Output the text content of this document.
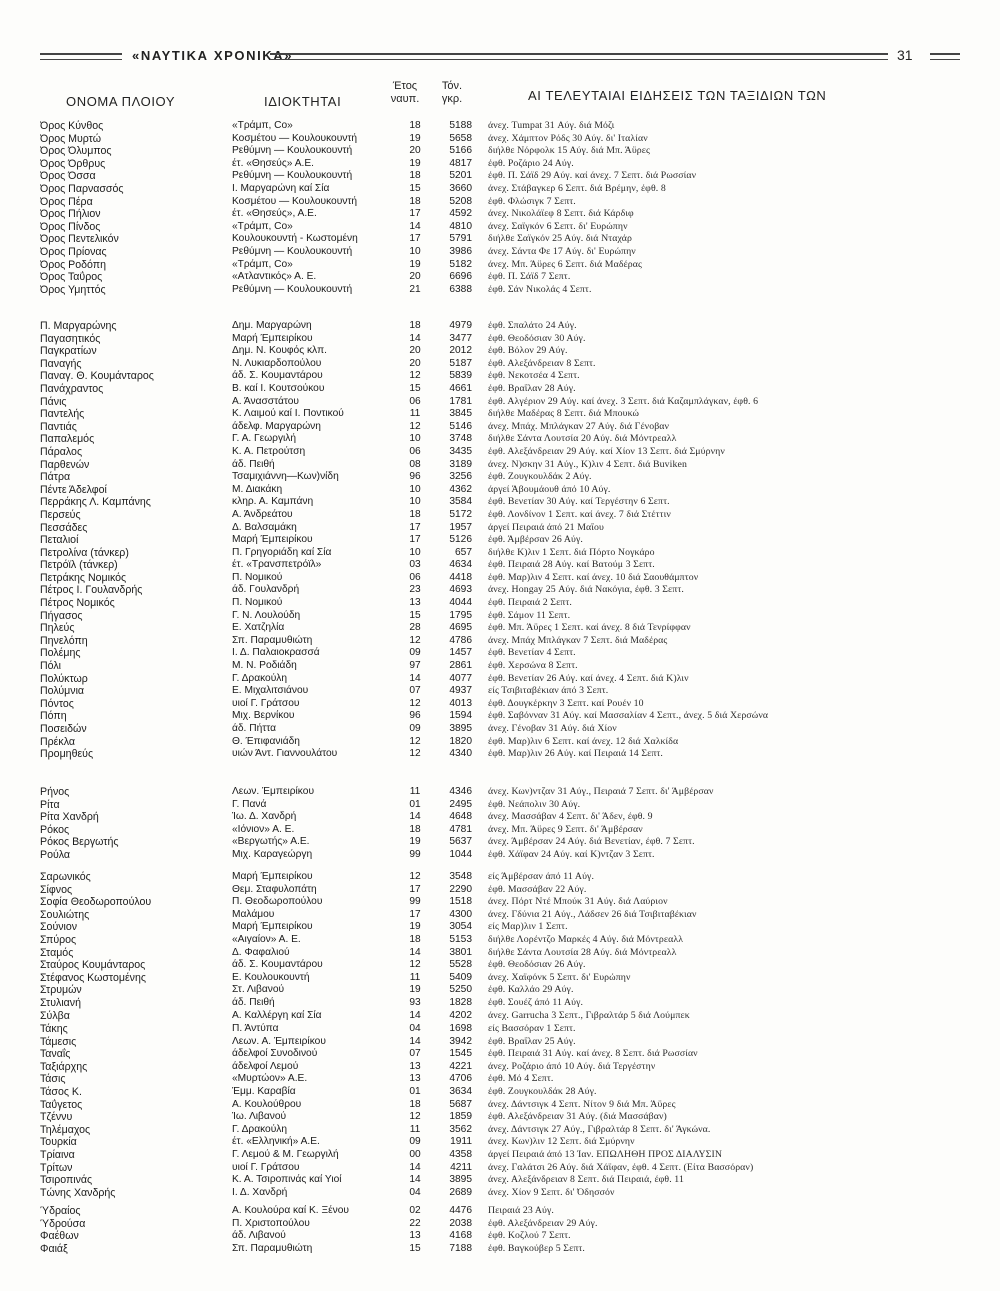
«ΝΑΥΤΙΚΑ ΧΡΟΝΙΚΑ»	31
ΟΝΟΜΑ ΠΛΟΙΟΥ	ΙΔΙΟΚΤΗΤΑΙ
Έτος
ναυπ.
Τόν.
γκρ.	ΑΙ ΤΕΛΕΥΤΑΙΑΙ ΕΙΔΗΣΕΙΣ ΤΩΝ ΤΑΞΙΔΙΩΝ ΤΩΝ
Όρος Κύνθος	«Τράμπ, Co»	18	5188 άνεχ. Tumpat 31 Αύγ. διά Μόζι
Όρος Μυρτώ	Κοσμέτου — Κουλουκουντή	19	5658 άνεχ. Χάμπτον Ρόδς 30 Αύγ. δι' Ιταλίαν
Όρος Όλυμπος	Ρεθύμνη — Κουλουκουντή	20	5166 διήλθε Νόρφολκ 15 Αύγ. διά Μπ. Άϋρες
Όρος Όρθρυς	έτ. «Θησεύς» Α.Ε.	19	4817 έφθ. Ροζάριο 24 Αύγ.
Όρος Όσσα	Ρεθύμνη — Κουλουκουντή	18	5201 έφθ. Π. Σάϊδ 29 Αύγ. καί άνεχ. 7 Σεπτ. διά Ρωσσίαν
Όρος Παρνασσός	Ι. Μαργαρώνη καί Σία	15	3660 άνεχ. Στάβαγκερ 6 Σεπτ. διά Βρέμην, έφθ. 8
Όρος Πέρα	Κοσμέτου — Κουλουκουντή	18	5208 έφθ. Φλώσιγκ 7 Σεπτ.
Όρος Πήλιον	έτ. «Θησεύς», Α.Ε.	17	4592 άνεχ. Νικολάϊεφ 8 Σεπτ. διά Κάρδιφ
Όρος Πίνδος	«Τράμπ, Co»	14	4810 άνεχ. Σαϊγκόν 6 Σεπτ. δι' Ευρώπην
Όρος Πεντελικόν	Κουλουκουντή - Κωστομένη	17	5791 διήλθε Σαϊγκόν 25 Αύγ. διά Νταχάρ
Όρος Πρίονας	Ρεθύμνη — Κουλουκουντή	10	3986 άνεχ. Σάντα Φε 17 Αύγ. δι' Ευρώπην
Όρος Ροδόπη	«Τράμπ, Co»	19	5182 άνεχ. Μπ. Άϋρες 6 Σεπτ. διά Μαδέρας
Όρος Ταΰρος	«Ατλαντικός» Α. Ε.	20	6696 έφθ. Π. Σάϊδ 7 Σεπτ.
Όρος Υμηττός	Ρεθύμνη — Κουλουκουντή	21	6388 έφθ. Σάν Νικολάς 4 Σεπτ.
Π. Μαργαρώνης	Δημ. Μαργαρώνη	18	4979 έφθ. Σπαλάτο 24 Αύγ.
Παγασητικός	Μαρή Έμπειρίκου	14	3477 έφθ. Θεοδόσιαν 30 Αύγ.
Παγκρατίων	Δημ. Ν. Κουφός κλπ.	20	2012 έφθ. Βόλον 29 Αύγ.
Παναγής	Ν. Λυκιαρδοπούλου	20	5187 έφθ. Αλεξάνδρειαν 8 Σεπτ.
Παναγ. Θ. Κουμάνταρος	άδ. Σ. Κουμαντάρου	12	5839 έφθ. Νεκοτσέα 4 Σεπτ.
Πανάχραντος	Β. καί Ι. Κουτσούκου	15	4661 έφθ. Βραΐλαν 28 Αύγ.
Πάνις	Α. Άνασστάτου	06	1781 έφθ. Αλγέριον 29 Αύγ. καί άνεχ. 3 Σεπτ. διά Καζαμπλάγκαν, έφθ. 6
Παντελής	Κ. Λαιμού καί Ι. Ποντικού	11	3845 διήλθε Μαδέρας 8 Σεπτ. διά Μπουκώ
Παντιάς	άδελφ. Μαργαρώνη	12	5146 άνεχ. Μπάχ. Μπλάγκαν 27 Αύγ. διά Γένοβαν
Παπαλεμός	Γ. Α. Γεωργιλή	10	3748 διήλθε Σάντα Λουτσία 20 Αύγ. διά Μόντρεαλλ
Πάραλος	Κ. Α. Πετρούτση	06	3435 έφθ. Αλεξάνδρειαν 29 Αύγ. καί Χίον 13 Σεπτ. διά Σμύρνην
Παρθενών	άδ. Πειθή	08	3189 άνεχ. Ν)σκην 31 Αύγ., Κ)λιν 4 Σεπτ. διά Buviken
Πάτρα	Τσαμιχιάννη—Κων)νίδη	96	3256 έφθ. Ζουγκουλδάκ 2 Αύγ.
Πέντε Άδελφοί	Μ. Διακάκη	10	4362 άργεί Άβουμάουθ άπό 10 Αύγ.
Περράκης Λ. Καμπάνης	κληρ. Α. Καμπάνη	10	3584 έφθ. Βενετίαν 30 Αύγ. καί Τεργέστην 6 Σεπτ.
Περσεύς	Α. Άνδρεάτου	18	5172 έφθ. Λονδίνον 1 Σεπτ. καί άνεχ. 7 διά Στέττιν
Πεσσάδες	Δ. Βαλσαμάκη	17	1957 άργεί Πειραιά άπό 21 Μαΐου
Πεταλιοί	Μαρή Έμπειρίκου	17	5126 έφθ. Άμβέρσαν 26 Αύγ.
Πετρολίνα (τάνκερ)	Π. Γρηγοριάδη καί Σία	10	657 διήλθε Κ)λιν 1 Σεπτ. διά Πόρτο Νογκάρο
Πετρόϊλ (τάνκερ)	έτ. «Τρανσπετρόϊλ»	03	4634 έφθ. Πειραιά 28 Αύγ. καί Βατούμ 3 Σεπτ.
Πετράκης Νομικός	Π. Νομικού	06	4418 έφθ. Μαρ)λιν 4 Σεπτ. καί άνεχ. 10 διά Σαουθάμπτον
Πέτρος Ι. Γουλανδρής	άδ. Γουλανδρή	23	4693 άνεχ. Hongay 25 Αύγ. διά Νακόγια, έφθ. 3 Σεπτ.
Πέτρος Νομικός	Π. Νομικού	13	4044 έφθ. Πειραιά 2 Σεπτ.
Πήγασος	Γ. Ν. Λουλούδη	15	1795 έφθ. Σάμον 11 Σεπτ.
Πηλεύς	Ε. Χατζηλία	28	4695 έφθ. Μπ. Άϋρες 1 Σεπτ. καί άνεχ. 8 διά Τενρίφφαν
Πηνελόπη	Σπ. Παραμυθιώτη	12	4786 άνεχ. Μπάχ Μπλάγκαν 7 Σεπτ. διά Μαδέρας
Πολέμης	Ι. Δ. Παλαιοκρασσά	09	1457 έφθ. Βενετίαν 4 Σεπτ.
Πόλι	Μ. Ν. Ροδιάδη	97	2861 έφθ. Χερσώνα 8 Σεπτ.
Πολύκτωρ	Γ. Δρακούλη	14	4077 έφθ. Βενετίαν 26 Αύγ. καί άνεχ. 4 Σεπτ. διά Κ)λιν
Πολύμνια	Ε. Μιχαλιτσιάνου	07	4937 είς Τσιβιταβέκιαν άπό 3 Σεπτ.
Πόντος	υιοί Γ. Γράτσου	12	4013 έφθ. Δουγκέρκην 3 Σεπτ. καί Ρουέν 10
Πόπη	Μιχ. Βερνίκου	96	1594 έφθ. Σαβόνναν 31 Αύγ. καί Μασσαλίαν 4 Σεπτ., άνεχ. 5 διά Χερσώνα
Ποσειδών	άδ. Πήττα	09	3895 άνεχ. Γένοβαν 31 Αύγ. διά Χίον
Πρέκλα	Θ. Έπιφανιάδη	12	1820 έφθ. Μαρ)λιν 6 Σεπτ. καί άνεχ. 12 διά Χαλκίδα
Προμηθεύς	υιών Άντ. Γιαννουλάτου	12	4340 έφθ. Μαρ)λιν 26 Αύγ. καί Πειραιά 14 Σεπτ.
Ρήνος	Λεων. Έμπειρίκου	11	4346 άνεχ. Κων)ντζαν 31 Αύγ., Πειραιά 7 Σεπτ. δι' Άμβέρσαν
Ρίτα	Γ. Πανά	01	2495 έφθ. Νεάπολιν 30 Αύγ.
Ρίτα Χανδρή	Ίω. Δ. Χανδρή	14	4648 άνεχ. Μασσάβαν 4 Σεπτ. δι' Άδεν, έφθ. 9
Ρόκος	«Ιόνιον» Α. Ε.	18	4781 άνεχ. Μπ. Άϋρες 9 Σεπτ. δι' Άμβέρσαν
Ρόκος Βεργωτής	«Βεργωτής» Α.Ε.	19	5637 άνεχ. Άμβέρσαν 24 Αύγ. διά Βενετίαν, έφθ. 7 Σεπτ.
Ρούλα	Μιχ. Καραγεώργη	99	1044 έφθ. Χάϊφαν 24 Αύγ. καί Κ)ντζαν 3 Σεπτ.
Σαρωνικός	Μαρή Έμπειρίκου	12	3548 είς Άμβέρσαν άπό 11 Αύγ.
Σίφνος	Θεμ. Σταφυλοπάτη	17	2290 έφθ. Μασσάβαν 22 Αύγ.
Σοφία Θεοδωροπούλου	Π. Θεοδωροπούλου	99	1518 άνεχ. Πόρτ Ντέ Μπούκ 31 Αύγ. διά Λαύριον
Σουλιώτης	Μαλάμου	17	4300 άνεχ. Γδύνια 21 Αύγ., Λάδσεν 26 διά Τσιβιταβέκιαν
Σούνιον	Μαρή Έμπειρίκου	19	3054 είς Μαρ)λιν 1 Σεπτ.
Σπύρος	«Αιγαίον» Α. Ε.	18	5153 διήλθε Λορέντζο Μαρκές 4 Αύγ. διά Μόντρεαλλ
Σταμός	Δ. Φαφαλιού	14	3801 διήλθε Σάντα Λουτσία 28 Αύγ. διά Μόντρεαλλ
Σταύρος Κουμάνταρος	άδ. Σ. Κουμαντάρου	12	5528 έφθ. Θεοδόσιαν 26 Αύγ.
Στέφανος Κωστομένης	Ε. Κουλουκουντή	11	5409 άνεχ. Χαϊφόνκ 5 Σεπτ. δι' Ευρώπην
Στρυμών	Στ. Λιβανού	19	5250 έφθ. Καλλάο 29 Αύγ.
Στυλιανή	άδ. Πειθή	93	1828 έφθ. Σουέζ άπό 11 Αύγ.
Σύλβα	Α. Καλλέργη καί Σία	14	4202 άνεχ. Garrucha 3 Σεπτ., Γιβραλτάρ 5 διά Λούμπεκ
Τάκης	Π. Άντύπα	04	1698 είς Βασσόραν 1 Σεπτ.
Τάμεσις	Λεων. Α. Έμπειρίκου	14	3942 έφθ. Βραΐλαν 25 Αύγ.
Ταναΐς	άδελφοί Συνοδινού	07	1545 έφθ. Πειραιά 31 Αύγ. καί άνεχ. 8 Σεπτ. διά Ρωσσίαν
Ταξιάρχης	άδελφοί Λεμού	13	4221 άνεχ. Ροζάριο άπό 10 Αύγ. διά Τεργέστην
Τάσις	«Μυρτώον» Α.Ε.	13	4706 έφθ. Μό 4 Σεπτ.
Τάσος Κ.	Έμμ. Καραβία	01	3634 έφθ. Ζουγκουλδάκ 28 Αύγ.
Ταΰγετος	Α. Κουλούθρου	18	5687 άνεχ. Δάντσιγκ 4 Σεπτ. Νίτον 9 διά Μπ. Άϋρες
Τζέννυ	Ίω. Λιβανού	12	1859 έφθ. Αλεξάνδρειαν 31 Αύγ. (διά Μασσάβαν)
Τηλέμαχος	Γ. Δρακούλη	11	3562 άνεχ. Δάντσιγκ 27 Αύγ., Γιβραλτάρ 8 Σεπτ. δι' Άγκώνα.
Τουρκία	έτ. «Ελληνική» Α.Ε.	09	1911 άνεχ. Κων)λιν 12 Σεπτ. διά Σμύρνην
Τρίαινα	Γ. Λεμού & Μ. Γεωργιλή	00	4358 άργεί Πειραιά άπό 13 Ίαν. ΕΠΩΛΗΘΗ ΠΡΟΣ ΔΙΑΛΥΣΙΝ
Τρίτων	υιοί Γ. Γράτσου	14	4211 άνεχ. Γαλάτσι 26 Αύγ. διά Χάϊφαν, έφθ. 4 Σεπτ. (Είτα Βασσόραν)
Τσιροπινάς	Κ. Α. Τσιροπινάς καί Υιοί	14	3895 άνεχ. Αλεξάνδρειαν 8 Σεπτ. διά Πειραιά, έφθ. 11
Τώνης Χανδρής	Ι. Δ. Χανδρή	04	2689 άνεχ. Χίον 9 Σεπτ. δι' Όδησσόν
Ύδραίος	Α. Κουλούρα καί Κ. Ξένου	02	4476 Πειραιά 23 Αύγ.
Ύδρούσα	Π. Χριστοπούλου	22	2038 έφθ. Αλεξάνδρειαν 29 Αύγ.
Φαέθων	άδ. Λιβανού	13	4168 έφθ. Κοζλού 7 Σεπτ.
Φαιάξ	Σπ. Παραμυθιώτη	15	7188 έφθ. Βαγκούβερ 5 Σεπτ.
